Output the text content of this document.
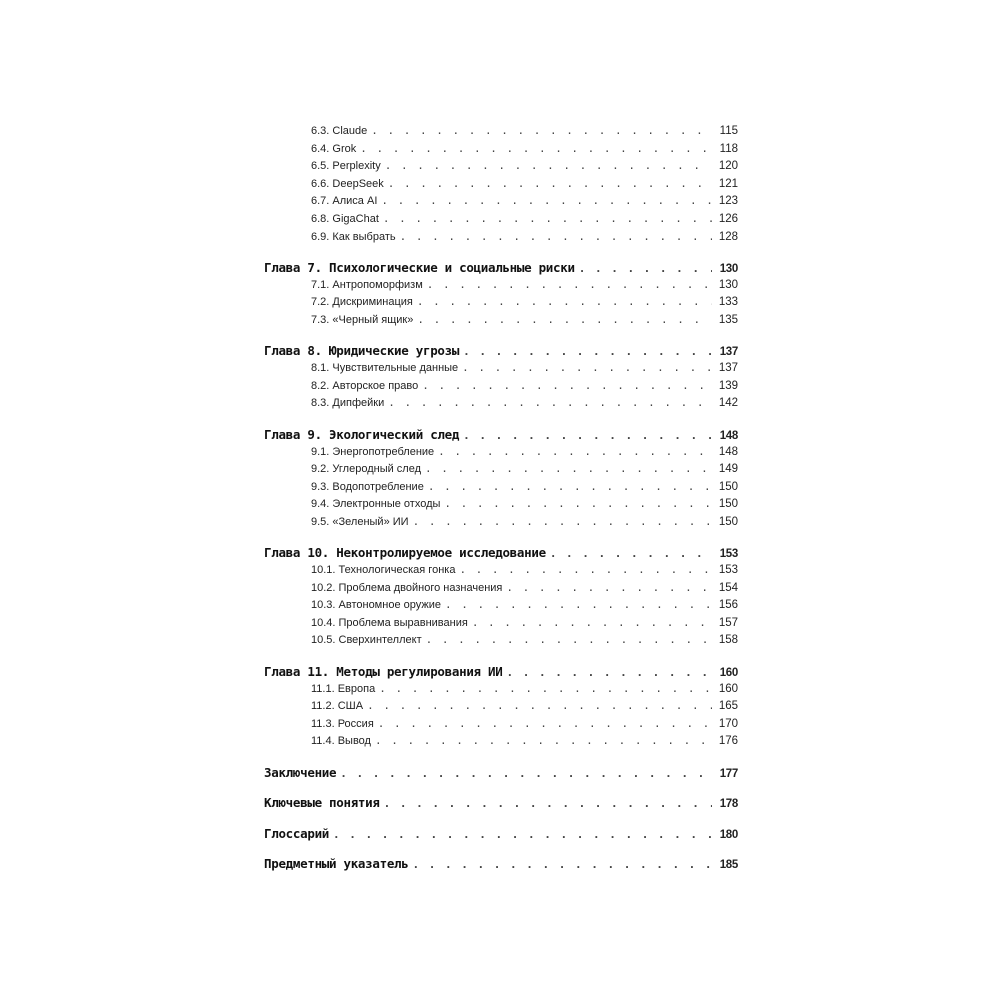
6.3. Claude . . .	115
6.4. Grok . . .	118
6.5. Perplexity . . .	120
6.6. DeepSeek . . .	121
6.7. Алиса AI . . .	123
6.8. GigaChat . . .	126
6.9. Как выбрать . . .	128
Глава 7. Психологические и социальные риски . . .	130
7.1. Антропоморфизм . . .	130
7.2. Дискриминация . . .	133
7.3. «Черный ящик» . . .	135
Глава 8. Юридические угрозы . . .	137
8.1. Чувствительные данные . . .	137
8.2. Авторское право . . .	139
8.3. Дипфейки . . .	142
Глава 9. Экологический след . . .	148
9.1. Энергопотребление . . .	148
9.2. Углеродный след . . .	149
9.3. Водопотребление . . .	150
9.4. Электронные отходы . . .	150
9.5. «Зеленый» ИИ . . .	150
Глава 10. Неконтролируемое исследование . . .	153
10.1. Технологическая гонка . . .	153
10.2. Проблема двойного назначения . . .	154
10.3. Автономное оружие . . .	156
10.4. Проблема выравнивания . . .	157
10.5. Сверхинтеллект . . .	158
Глава 11. Методы регулирования ИИ . . .	160
11.1. Европа . . .	160
11.2. США . . .	165
11.3. Россия . . .	170
11.4. Вывод . . .	176
Заключение . . .	177
Ключевые понятия . . .	178
Глоссарий . . .	180
Предметный указатель . . .	185
